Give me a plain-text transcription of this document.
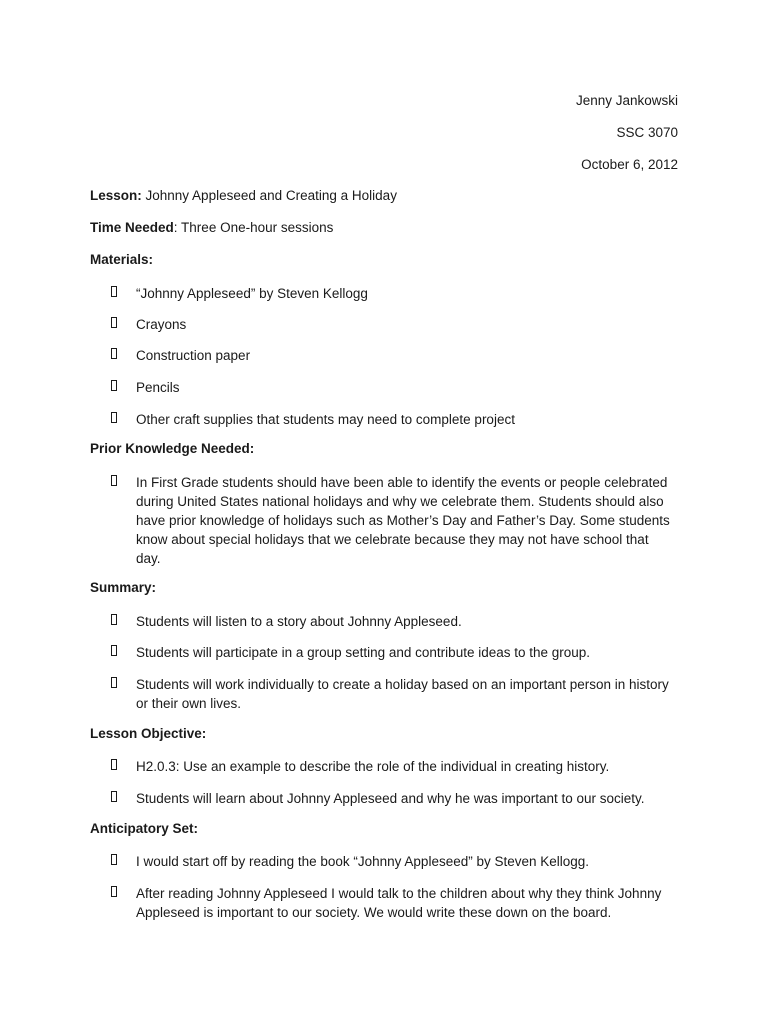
Jenny Jankowski
SSC 3070
October 6, 2012
Lesson: Johnny Appleseed and Creating a Holiday
Time Needed: Three One-hour sessions
Materials:
“Johnny Appleseed” by Steven Kellogg
Crayons
Construction paper
Pencils
Other craft supplies that students may need to complete project
Prior Knowledge Needed:
In First Grade students should have been able to identify the events or people celebrated during United States national holidays and why we celebrate them. Students should also have prior knowledge of holidays such as Mother’s Day and Father’s Day. Some students know about special holidays that we celebrate because they may not have school that day.
Summary:
Students will listen to a story about Johnny Appleseed.
Students will participate in a group setting and contribute ideas to the group.
Students will work individually to create a holiday based on an important person in history or their own lives.
Lesson Objective:
H2.0.3: Use an example to describe the role of the individual in creating history.
Students will learn about Johnny Appleseed and why he was important to our society.
Anticipatory Set:
I would start off by reading the book “Johnny Appleseed” by Steven Kellogg.
After reading Johnny Appleseed I would talk to the children about why they think Johnny Appleseed is important to our society. We would write these down on the board.
